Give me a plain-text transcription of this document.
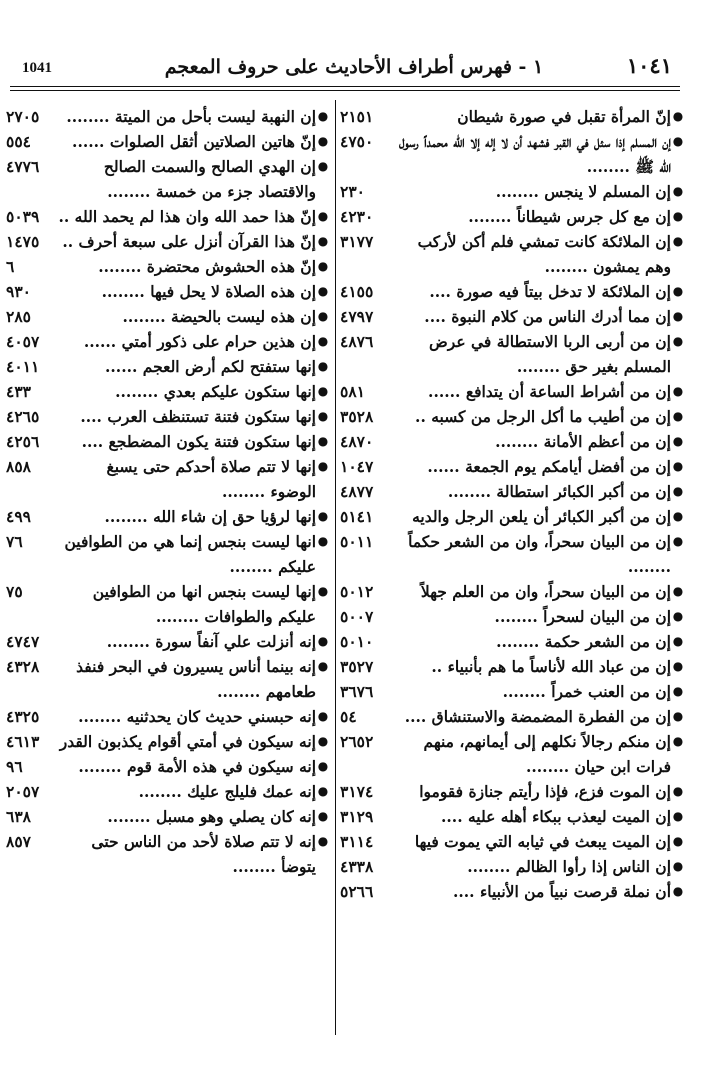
1041	١ - فهرس أطراف الأحاديث على حروف المعجم	١٠٤١
●
إنّ المرأة تقبل في صورة شيطان
٢١٥١
●
إن المسلم إذا سئل في القبر فشهد أن لا إله إلا الله محمداً رسول الله ﷺ ........
٤٧٥٠
●
إن المسلم لا ينجس ........
٢٣٠
●
إن مع كل جرس شيطاناً ........
٤٢٣٠
●
إن الملائكة كانت تمشي فلم أكن لأركب وهم يمشون ........
٣١٧٧
●
إن الملائكة لا تدخل بيتاً فيه صورة ....
٤١٥٥
●
إن مما أدرك الناس من كلام النبوة ....
٤٧٩٧
●
إن من أربى الربا الاستطالة في عرض المسلم بغير حق ........
٤٨٧٦
●
إن من أشراط الساعة أن يتدافع ......
٥٨١
●
إن من أطيب ما أكل الرجل من كسبه ..
٣٥٢٨
●
إن من أعظم الأمانة ........
٤٨٧٠
●
إن من أفضل أيامكم يوم الجمعة ......
١٠٤٧
●
إن من أكبر الكبائر استطالة ........
٤٨٧٧
●
إن من أكبر الكبائر أن يلعن الرجل والديه
٥١٤١
●
إن من البيان سحراً، وان من الشعر حكماً ........
٥٠١١
●
إن من البيان سحراً، وان من العلم جهلاً
٥٠١٢
●
إن من البيان لسحراً ........
٥٠٠٧
●
إن من الشعر حكمة ........
٥٠١٠
●
إن من عباد الله لأناساً ما هم بأنبياء ..
٣٥٢٧
●
إن من العنب خمراً ........
٣٦٧٦
●
إن من الفطرة المضمضة والاستنشاق ....
٥٤
●
إن منكم رجالاً نكلهم إلى أيمانهم، منهم فرات ابن حيان ........
٢٦٥٢
●
إن الموت فزع، فإذا رأيتم جنازة فقوموا
٣١٧٤
●
إن الميت ليعذب ببكاء أهله عليه ....
٣١٢٩
●
إن الميت يبعث في ثيابه التي يموت فيها
٣١١٤
●
إن الناس إذا رأوا الظالم ........
٤٣٣٨
●
أن نملة قرصت نبياً من الأنبياء ....
٥٢٦٦
●
إن النهبة ليست بأحل من الميتة ........
٢٧٠٥
●
إنّ هاتين الصلاتين أثقل الصلوات ......
٥٥٤
●
إن الهدي الصالح والسمت الصالح والاقتصاد جزء من خمسة ........
٤٧٧٦
●
إنّ هذا حمد الله وان هذا لم يحمد الله ..
٥٠٣٩
●
إنّ هذا القرآن أنزل على سبعة أحرف ..
١٤٧٥
●
إنّ هذه الحشوش محتضرة ........
٦
●
إن هذه الصلاة لا يحل فيها ........
٩٣٠
●
إن هذه ليست بالحيضة ........
٢٨٥
●
إن هذين حرام على ذكور أمتي ......
٤٠٥٧
●
إنها ستفتح لكم أرض العجم ......
٤٠١١
●
إنها ستكون عليكم بعدي ........
٤٣٣
●
إنها ستكون فتنة تستنظف العرب ....
٤٢٦٥
●
إنها ستكون فتنة يكون المضطجع ....
٤٢٥٦
●
إنها لا تتم صلاة أحدكم حتى يسبغ الوضوء ........
٨٥٨
●
إنها لرؤيا حق إن شاء الله ........
٤٩٩
●
انها ليست بنجس إنما هي من الطوافين عليكم ........
٧٦
●
إنها ليست بنجس انها من الطوافين عليكم والطوافات ........
٧٥
●
إنه أنزلت علي آنفاً سورة ........
٤٧٤٧
●
إنه بينما أناس يسيرون في البحر فنفذ طعامهم ........
٤٣٢٨
●
إنه حبسني حديث كان يحدثنيه ........
٤٣٢٥
●
إنه سيكون في أمتي أقوام يكذبون القدر
٤٦١٣
●
إنه سيكون في هذه الأمة قوم ........
٩٦
●
إنه عمك فليلج عليك ........
٢٠٥٧
●
إنه كان يصلي وهو مسبل ........
٦٣٨
●
إنه لا تتم صلاة لأحد من الناس حتى يتوضأ ........
٨٥٧
